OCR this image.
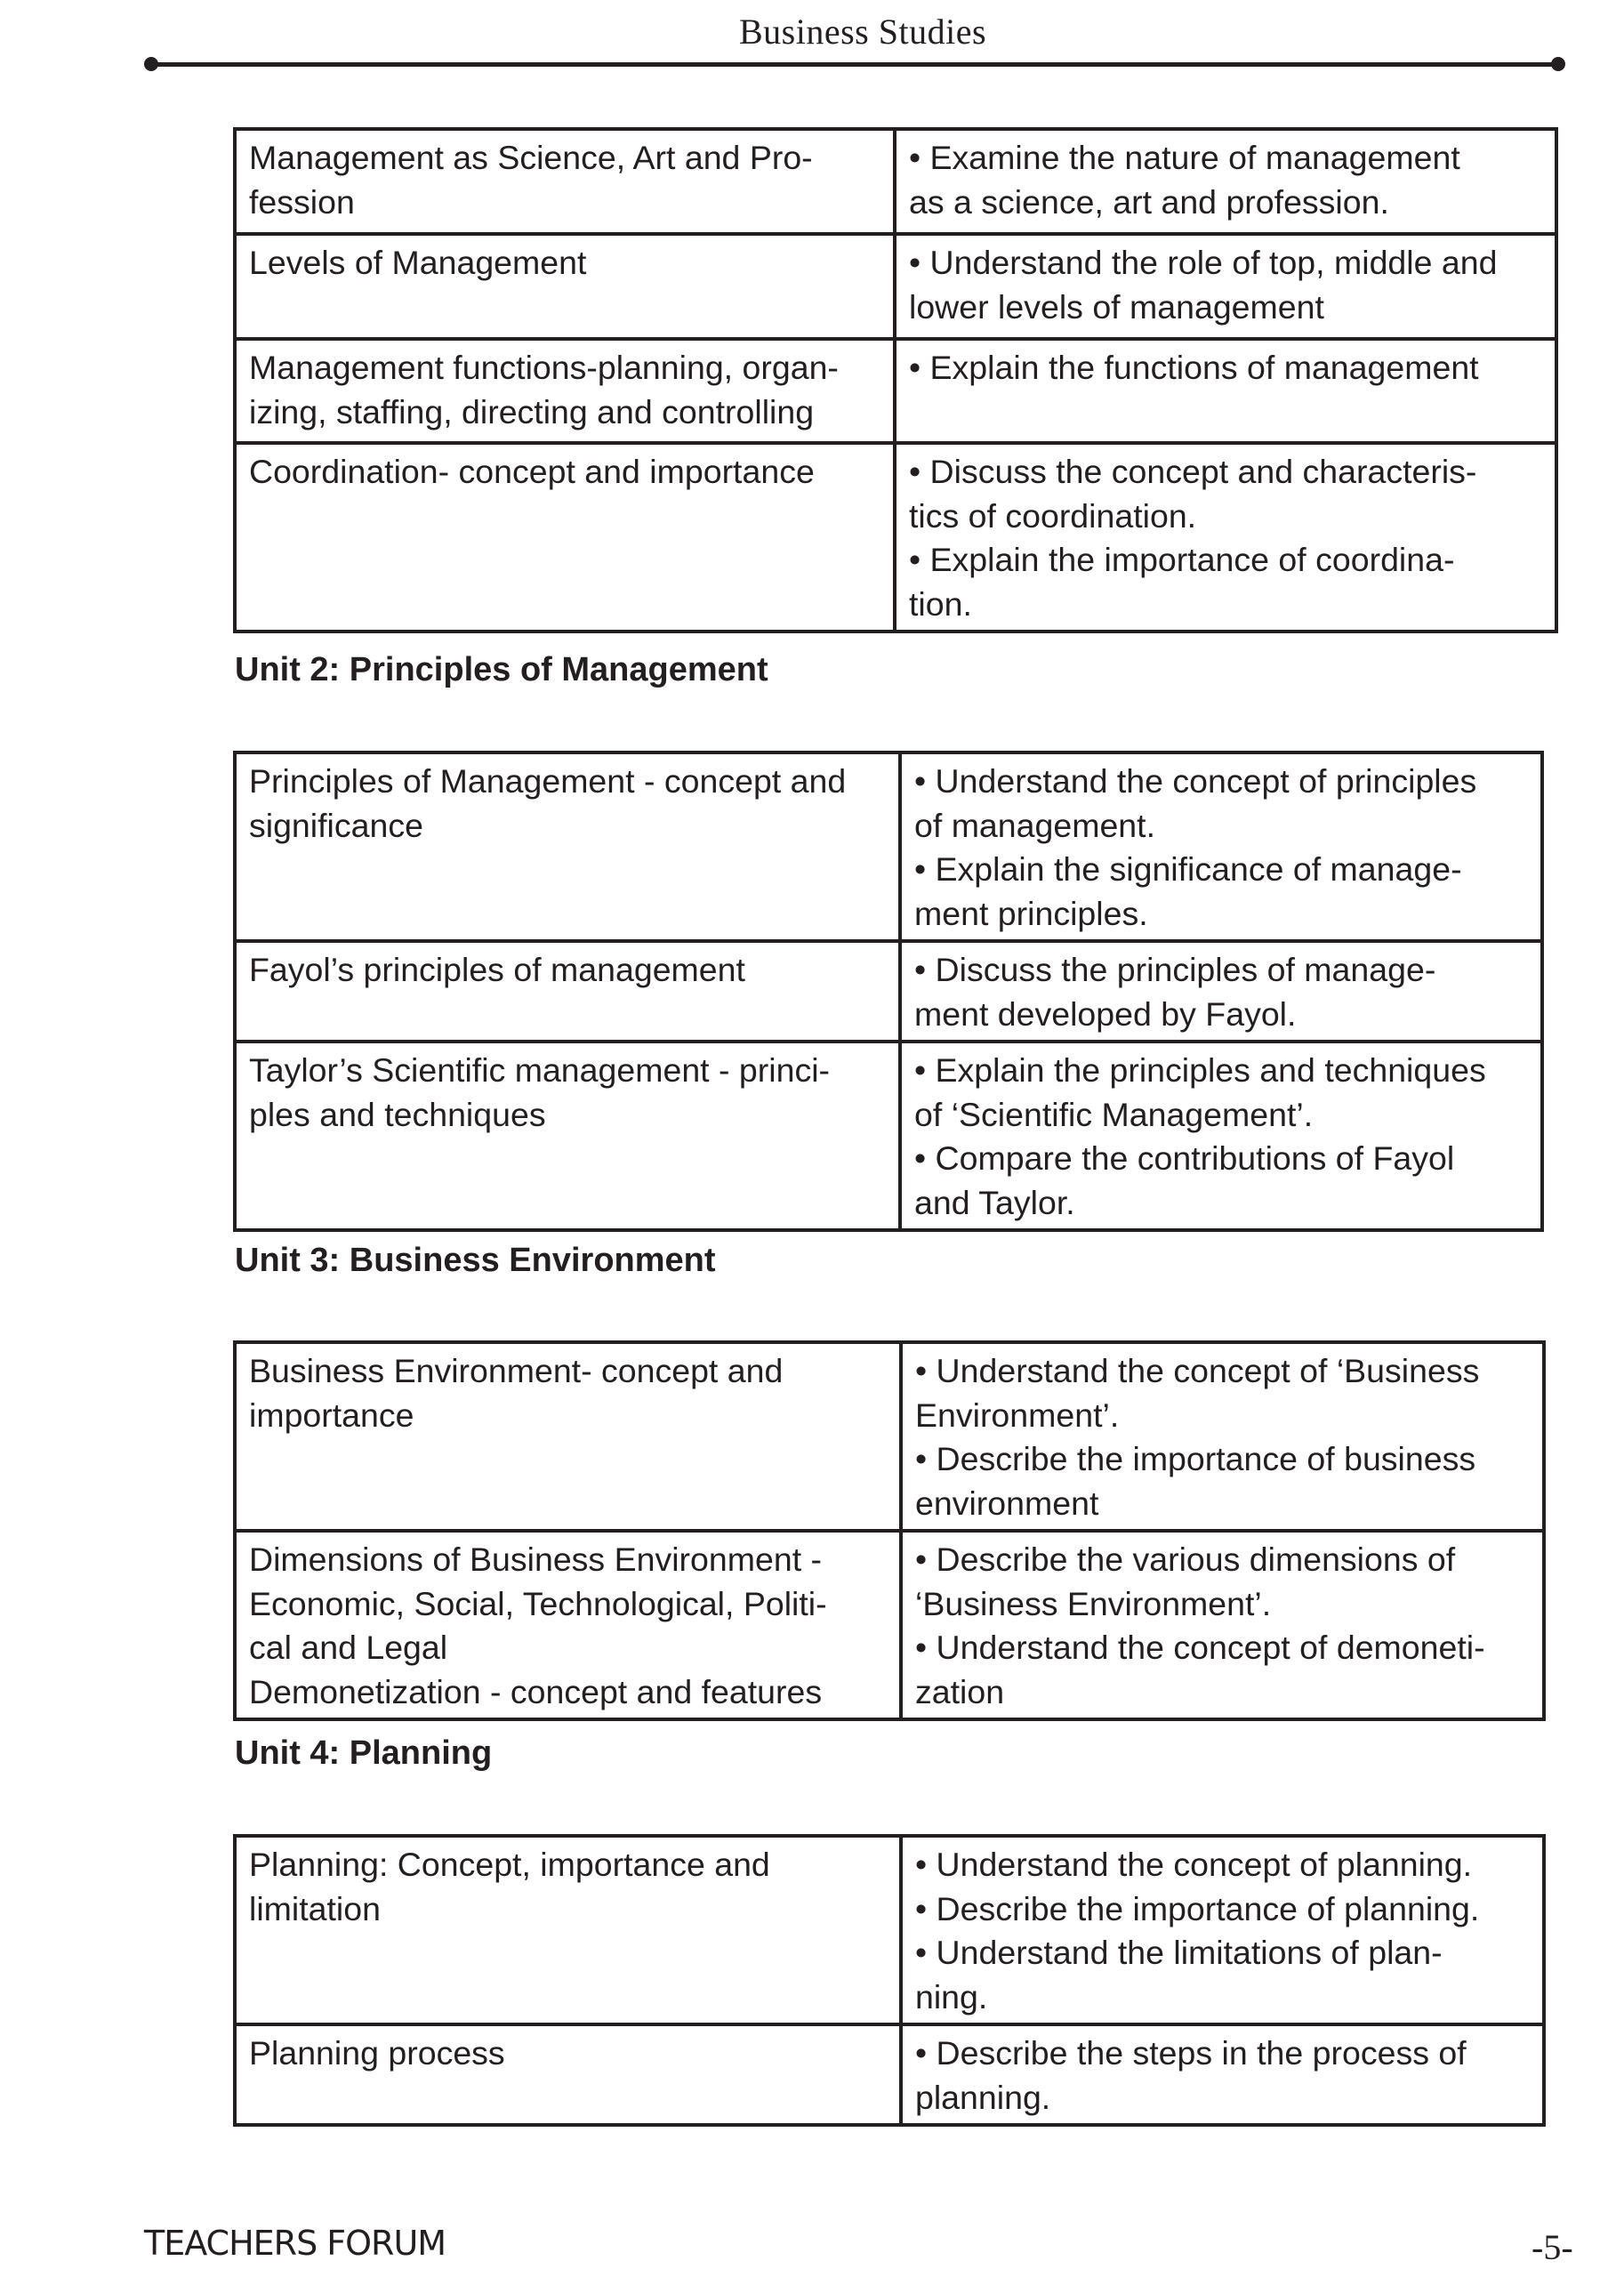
Business Studies
Management as Science, Art and Pro-
fession	• Examine the nature of management
as a science, art and profession.

Levels of Management	• Understand the role of top, middle and
lower levels of management

Management functions-planning, organ-
izing, staffing, directing and controlling	• Explain the functions of management

Coordination- concept and importance	• Discuss the concept and characteris-
tics of coordination.
• Explain the importance of coordina-
tion.
Unit 2: Principles of Management
Principles of Management - concept and
significance	• Understand the concept of principles
of management.
• Explain the significance of manage-
ment principles.

Fayol’s principles of management	• Discuss the principles of manage-
ment developed by Fayol.

Taylor’s Scientific management - princi-
ples and techniques	• Explain the principles and techniques
of ‘Scientific Management’.
• Compare the contributions of Fayol
and Taylor.
Unit 3: Business Environment
Business Environment- concept and
importance	• Understand the concept of ‘Business
Environment’.
• Describe the importance of business
environment

Dimensions of Business Environment -
Economic, Social, Technological, Politi-
cal and Legal
Demonetization - concept and features	• Describe the various dimensions of
‘Business Environment’.
• Understand the concept of demoneti-
zation
Unit 4: Planning
Planning: Concept, importance and
limitation	• Understand the concept of planning.
• Describe the importance of planning.
• Understand the limitations of plan-
ning.

Planning process	• Describe the steps in the process of
planning.
TEACHERS FORUM	-5-
